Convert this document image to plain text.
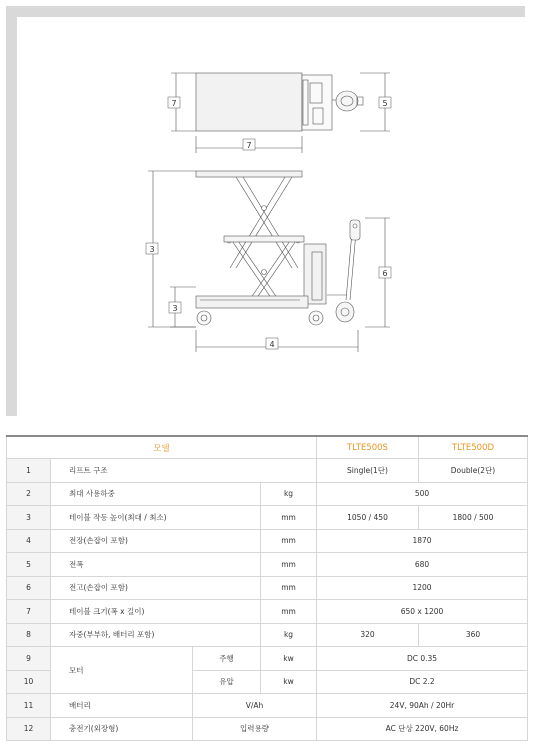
7	5
7
3
6
3
4
모델				TLTE500S	TLTE500D
1	리프트 구조			Single(1단)	Double(2단)
2	최대 사용하중		kg	500	
3	테이블 작동 높이(최대 / 최소)		mm	1050 / 450	1800 / 500
4	전장(손잡이 포함)		mm	1870	
5	전폭		mm	680	
6	전고(손잡이 포함)		mm	1200	
7	테이블 크기(폭 x 길이)		mm	650 x 1200	
8	자중(부부하, 배터리 포함)		kg	320	360
9	모터	주행	kw	DC 0.35	
10		유압	kw	DC 2.2	
11	배터리	V/Ah		24V, 90Ah / 20Hr	
12	충전기(외장형)	입력용량		AC 단상 220V, 60Hz	
